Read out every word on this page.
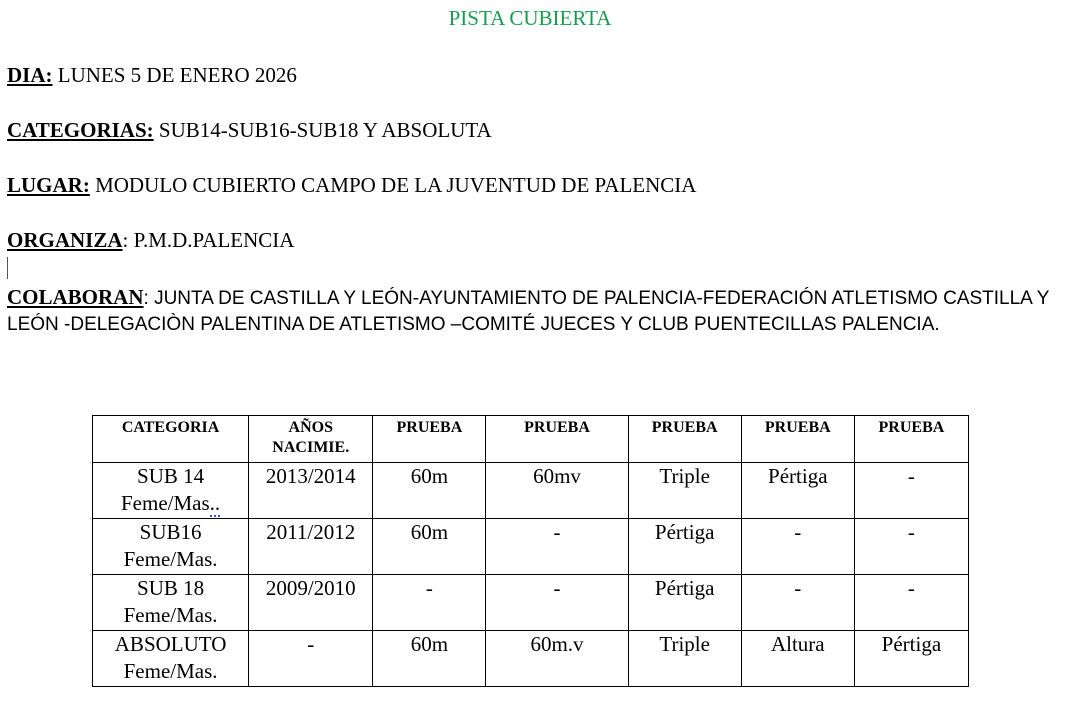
PISTA CUBIERTA
DIA: LUNES 5 DE ENERO 2026
CATEGORIAS: SUB14-SUB16-SUB18 Y ABSOLUTA
LUGAR: MODULO CUBIERTO CAMPO DE LA JUVENTUD DE PALENCIA
ORGANIZA: P.M.D.PALENCIA
COLABORAN: JUNTA DE CASTILLA Y LEÓN-AYUNTAMIENTO DE PALENCIA-FEDERACIÓN ATLETISMO CASTILLA Y LEÓN -DELEGACIÒN PALENTINA DE ATLETISMO –COMITÉ JUECES Y CLUB PUENTECILLAS PALENCIA.
CATEGORIA	AÑOS NACIMIE.	PRUEBA	PRUEBA	PRUEBA	PRUEBA	PRUEBA

SUB 14
Feme/Mas..	2013/2014	60m	60mv	Triple	Pértiga	-

SUB16
Feme/Mas.	2011/2012	60m	-	Pértiga	-	-

SUB 18
Feme/Mas.	2009/2010	-	-	Pértiga	-	-

ABSOLUTO
Feme/Mas.	-	60m	60m.v	Triple	Altura	Pértiga
